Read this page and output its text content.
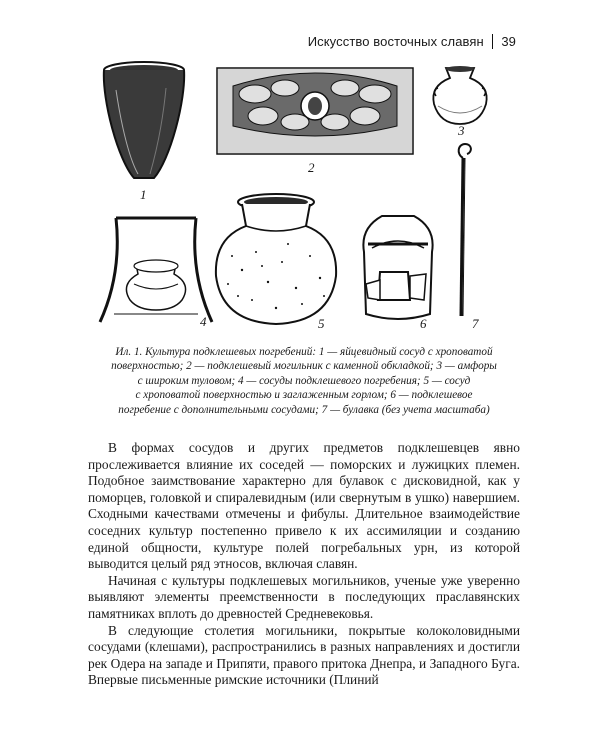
Искусство восточных славян 39
1
2
3
4	5	6	7
Ил. 1. Культура подклешевых погребений: 1 — яйцевидный сосуд с хроповатой
поверхностью; 2 — подклешевый могильник с каменной обкладкой; 3 — амфоры
с широким туловом; 4 — сосуды подклешевого погребения; 5 — сосуд
с хроповатой поверхностью и заглаженным горлом; 6 — подклешевое
погребение с дополнительными сосудами; 7 — булавка (без учета масштаба)

В формах сосудов и других предметов подклешевцев явно прослеживается влияние их соседей — поморских и лужицких племен. Подобное заимствование характерно для булавок с дисковидной, как у поморцев, головкой и спиралевидным (или свернутым в ушко) навершием. Сходными качествами отмечены и фибулы. Длительное взаимодействие соседних культур постепенно привело к их ассимиляции и созданию единой общности, культуре полей погребальных урн, из которой выводится целый ряд этносов, включая славян.

Начиная с культуры подклешевых могильников, ученые уже уверенно выявляют элементы преемственности в последующих праславянских памятниках вплоть до древностей Средневековья.

В следующие столетия могильники, покрытые колоколовидными сосудами (клешами), распространились в разных направлениях и достигли рек Одера на западе и Припяти, правого притока Днепра, и Западного Буга. Впервые письменные римские источники (Плиний
